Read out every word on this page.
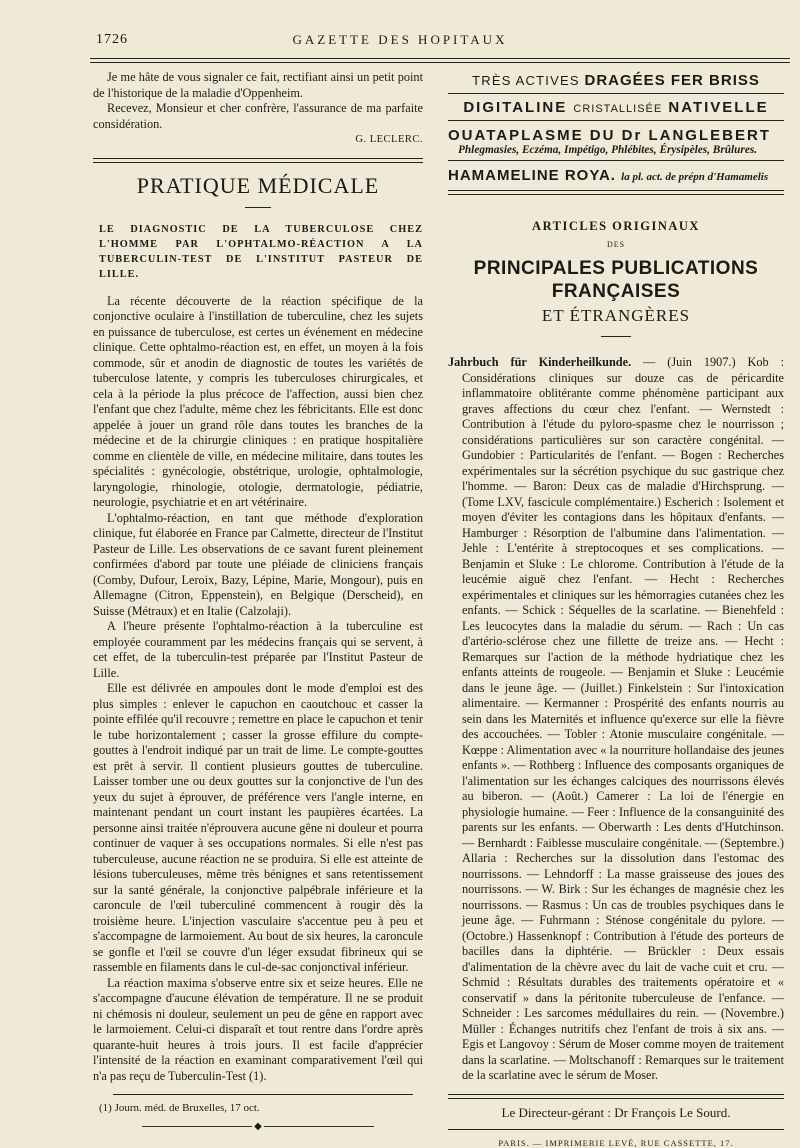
1726	GAZETTE DES HOPITAUX

Je me hâte de vous signaler ce fait, rectifiant ainsi un petit point de l'historique de la maladie d'Oppenheim.

Recevez, Monsieur et cher confrère, l'assurance de ma parfaite considération.

G. LECLERC.
PRATIQUE MÉDICALE
LE DIAGNOSTIC DE LA TUBERCULOSE CHEZ L'HOMME PAR L'OPHTALMO-RÉACTION A LA TUBERCULIN-TEST DE L'INSTITUT PASTEUR DE LILLE.

La récente découverte de la réaction spécifique de la conjonctive oculaire à l'instillation de tuberculine, chez les sujets en puissance de tuberculose, est certes un événement en médecine clinique. Cette ophtalmo-réaction est, en effet, un moyen à la fois commode, sûr et anodin de diagnostic de toutes les variétés de tuberculose latente, y compris les tuberculoses chirurgicales, et cela à la période la plus précoce de l'affection, aussi bien chez l'enfant que chez l'adulte, même chez les fébricitants. Elle est donc appelée à jouer un grand rôle dans toutes les branches de la médecine et de la chirurgie cliniques : en pratique hospitalière comme en clientèle de ville, en médecine militaire, dans toutes les spécialités : gynécologie, obstétrique, urologie, ophtalmologie, laryngologie, rhinologie, otologie, dermatologie, pédiatrie, neurologie, psychiatrie et en art vétérinaire.

L'ophtalmo-réaction, en tant que méthode d'exploration clinique, fut élaborée en France par Calmette, directeur de l'Institut Pasteur de Lille. Les observations de ce savant furent pleinement confirmées d'abord par toute une pléiade de cliniciens français (Comby, Dufour, Leroix, Bazy, Lépine, Marie, Mongour), puis en Allemagne (Citron, Eppenstein), en Belgique (Derscheid), en Suisse (Métraux) et en Italie (Calzolaji).

A l'heure présente l'ophtalmo-réaction à la tuberculine est employée couramment par les médecins français qui se servent, à cet effet, de la tuberculin-test préparée par l'Institut Pasteur de Lille.

Elle est délivrée en ampoules dont le mode d'emploi est des plus simples : enlever le capuchon en caoutchouc et casser la pointe effilée qu'il recouvre ; remettre en place le capuchon et tenir le tube horizontalement ; casser la grosse effilure du compte-gouttes à l'endroit indiqué par un trait de lime. Le compte-gouttes est prêt à servir. Il contient plusieurs gouttes de tuberculine. Laisser tomber une ou deux gouttes sur la conjonctive de l'un des yeux du sujet à éprouver, de préférence vers l'angle interne, en maintenant pendant un court instant les paupières écartées. La personne ainsi traitée n'éprouvera aucune gêne ni douleur et pourra continuer de vaquer à ses occupations normales. Si elle n'est pas tuberculeuse, aucune réaction ne se produira. Si elle est atteinte de lésions tuberculeuses, même très bénignes et sans retentissement sur la santé générale, la conjonctive palpébrale inférieure et la caroncule de l'œil tuberculiné commencent à rougir dès la troisième heure. L'injection vasculaire s'accentue peu à peu et s'accompagne de larmoiement. Au bout de six heures, la caroncule se gonfle et l'œil se couvre d'un léger exsudat fibrineux qui se rassemble en filaments dans le cul-de-sac conjonctival inférieur.

La réaction maxima s'observe entre six et seize heures. Elle ne s'accompagne d'aucune élévation de température. Il ne se produit ni chémosis ni douleur, seulement un peu de gêne en rapport avec le larmoiement. Celui-ci disparaît et tout rentre dans l'ordre après quarante-huit heures à trois jours. Il est facile d'apprécier l'intensité de la réaction en examinant comparativement l'œil qui n'a pas reçu de Tuberculin-Test (1).

(1) Journ. méd. de Bruxelles, 17 oct.
◆
TRÈS ACTIVES DRAGÉES FER BRISS
DIGITALINE CRISTALLISÉE NATIVELLE
OUATAPLASME DU Dr LANGLEBERT
Phlegmasies, Eczéma, Impétigo, Phlébites, Érysipèles, Brûlures.
HAMAMELINE ROYA. la pl. act. de prépn d'Hamamelis
ARTICLES ORIGINAUX
DES
PRINCIPALES PUBLICATIONS FRANÇAISES
ET ÉTRANGÈRES
Jahrbuch für Kinderheilkunde. — (Juin 1907.) Kob : Considérations cliniques sur douze cas de péricardite inflammatoire oblitérante comme phénomène participant aux graves affections du cœur chez l'enfant. — Wernstedt : Contribution à l'étude du pyloro-spasme chez le nourrisson ; considérations particulières sur son caractère congénital. — Gundobier : Particularités de l'enfant. — Bogen : Recherches expérimentales sur la sécrétion psychique du suc gastrique chez l'homme. — Baron: Deux cas de maladie d'Hirchsprung. — (Tome LXV, fascicule complémentaire.) Escherich : Isolement et moyen d'éviter les contagions dans les hôpitaux d'enfants. — Hamburger : Résorption de l'albumine dans l'alimentation. — Jehle : L'entérite à streptocoques et ses complications. — Benjamin et Sluke : Le chlorome. Contribution à l'étude de la leucémie aiguë chez l'enfant. — Hecht : Recherches expérimentales et cliniques sur les hémorragies cutanées chez les enfants. — Schick : Séquelles de la scarlatine. — Bienehfeld : Les leucocytes dans la maladie du sérum. — Rach : Un cas d'artério-sclérose chez une fillette de treize ans. — Hecht : Remarques sur l'action de la méthode hydriatique chez les enfants atteints de rougeole. — Benjamin et Sluke : Leucémie dans le jeune âge. — (Juillet.) Finkelstein : Sur l'intoxication alimentaire. — Kermanner : Prospérité des enfants nourris au sein dans les Maternités et influence qu'exerce sur elle la fièvre des accouchées. — Tobler : Atonie musculaire congénitale. — Kœppe : Alimentation avec « la nourriture hollandaise des jeunes enfants ». — Rothberg : Influence des composants organiques de l'alimentation sur les échanges calciques des nourrissons élevés au biberon. — (Août.) Camerer : La loi de l'énergie en physiologie humaine. — Feer : Influence de la consanguinité des parents sur les enfants. — Oberwarth : Les dents d'Hutchinson. — Bernhardt : Faiblesse musculaire congénitale. — (Septembre.) Allaria : Recherches sur la dissolution dans l'estomac des nourrissons. — Lehndorff : La masse graisseuse des joues des nourrissons. — W. Birk : Sur les échanges de magnésie chez les nourrissons. — Rasmus : Un cas de troubles psychiques dans le jeune âge. — Fuhrmann : Sténose congénitale du pylore. — (Octobre.) Hassenknopf : Contribution à l'étude des porteurs de bacilles dans la diphtérie. — Brückler : Deux essais d'alimentation de la chèvre avec du lait de vache cuit et cru. — Schmid : Résultats durables des traitements opératoire et « conservatif » dans la péritonite tuberculeuse de l'enfance. — Schneider : Les sarcomes médullaires du rein. — (Novembre.) Müller : Échanges nutritifs chez l'enfant de trois à six ans. — Egis et Langovoy : Sérum de Moser comme moyen de traitement dans la scarlatine. — Moltschanoff : Remarques sur le traitement de la scarlatine avec le sérum de Moser.
Le Directeur-gérant : Dr François Le Sourd.
PARIS. — IMPRIMERIE LEVÉ, RUE CASSETTE, 17.
